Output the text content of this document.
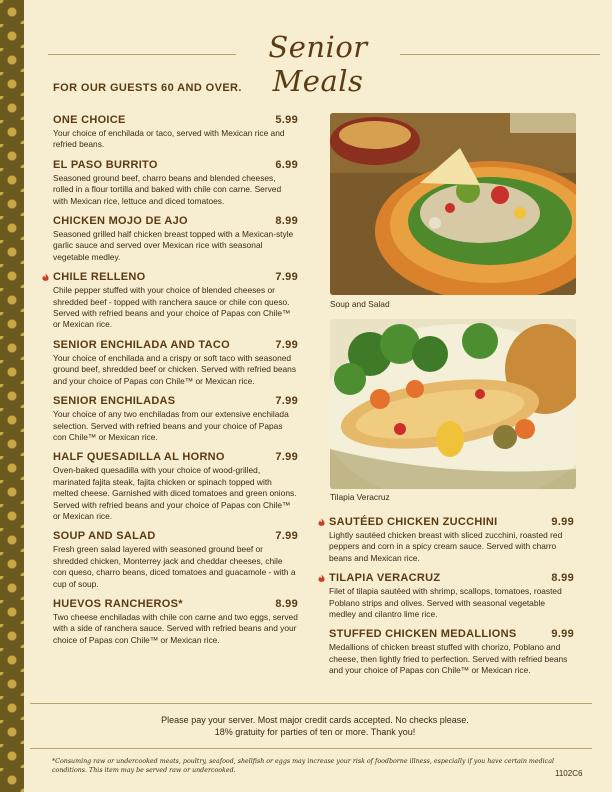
Senior Meals
FOR OUR GUESTS 60 AND OVER.
ONE CHOICE	5.99
Your choice of enchilada or taco, served with Mexican rice and refried beans.
EL PASO BURRITO	6.99
Seasoned ground beef, charro beans and blended cheeses, rolled in a flour tortilla and baked with chile con carne. Served with Mexican rice, lettuce and diced tomatoes.
CHICKEN MOJO DE AJO	8.99
Seasoned grilled half chicken breast topped with a Mexican-style garlic sauce and served over Mexican rice with seasonal vegetable medley.
CHILE RELLENO	7.99
Chile pepper stuffed with your choice of blended cheeses or shredded beef - topped with ranchera sauce or chile con queso. Served with refried beans and your choice of Papas con Chile™ or Mexican rice.
SENIOR ENCHILADA AND TACO	7.99
Your choice of enchilada and a crispy or soft taco with seasoned ground beef, shredded beef or chicken. Served with refried beans and your choice of Papas con Chile™ or Mexican rice.
SENIOR ENCHILADAS	7.99
Your choice of any two enchiladas from our extensive enchilada selection. Served with refried beans and your choice of Papas con Chile™ or Mexican rice.
HALF QUESADILLA AL HORNO	7.99
Oven-baked quesadilla with your choice of wood-grilled, marinated fajita steak, fajita chicken or spinach topped with melted cheese. Garnished with diced tomatoes and green onions. Served with refried beans and your choice of Papas con Chile™ or Mexican rice.
SOUP AND SALAD	7.99
Fresh green salad layered with seasoned ground beef or shredded chicken, Monterrey jack and cheddar cheeses, chile con queso, charro beans, diced tomatoes and guacamole - with a cup of soup.
HUEVOS RANCHEROS*	8.99
Two cheese enchiladas with chile con carne and two eggs, served with a side of ranchera sauce. Served with refried beans and your choice of Papas con Chile™ or Mexican rice.
SAUTÉED CHICKEN ZUCCHINI	9.99
Lightly sautéed chicken breast with sliced zucchini, roasted red peppers and corn in a spicy cream sauce. Served with charro beans and Mexican rice.
TILAPIA VERACRUZ	8.99
Filet of tilapia sautéed with shrimp, scallops, tomatoes, roasted Poblano strips and olives. Served with seasonal vegetable medley and cilantro lime rice.
STUFFED CHICKEN MEDALLIONS	9.99
Medallions of chicken breast stuffed with chorizo, Poblano and cheese, then lightly fried to perfection. Served with refried beans and your choice of Papas con Chile™ or Mexican rice.
Soup and Salad
Tilapia Veracruz
Please pay your server. Most major credit cards accepted. No checks please.
18% gratuity for parties of ten or more. Thank you!
*Consuming raw or undercooked meats, poultry, seafood, shellfish or eggs may increase your risk of foodborne illness, especially if you have certain medical conditions. This item may be served raw or undercooked.	1102C6
